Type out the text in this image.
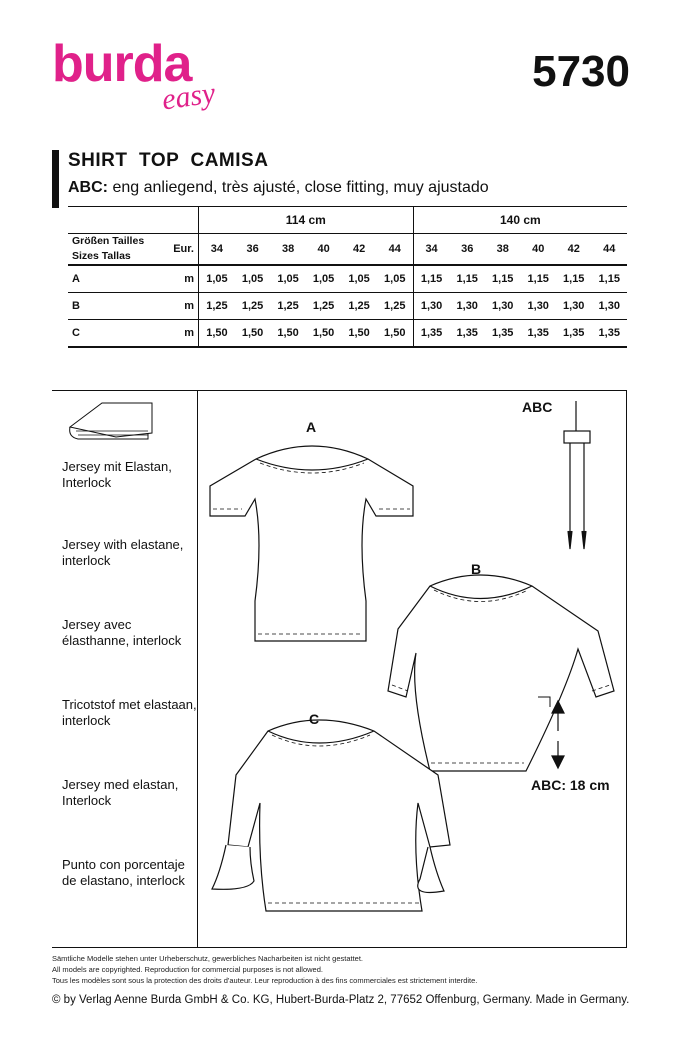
burda
easy
5730
SHIRT  TOP  CAMISA
ABC: eng anliegend, très ajusté, close fitting, muy ajustado
		114 cm						140 cm					

Größen Tailles
Sizes Tallas	Eur.	34	36	38	40	42	44	34	36	38	40	42	44
A	m	1,05	1,05	1,05	1,05	1,05	1,05	1,15	1,15	1,15	1,15	1,15	1,15
B	m	1,25	1,25	1,25	1,25	1,25	1,25	1,30	1,30	1,30	1,30	1,30	1,30
C	m	1,50	1,50	1,50	1,50	1,50	1,50	1,35	1,35	1,35	1,35	1,35	1,35
Jersey mit Elastan, Interlock
Jersey with elastane, interlock
Jersey avec élasthanne, interlock
Tricotstof met elastaan, interlock
Jersey med elastan, Interlock
Punto con porcentaje de elastano, interlock
ABC
A
B
C
ABC: 18 cm
Sämtliche Modelle stehen unter Urheberschutz, gewerbliches Nacharbeiten ist nicht gestattet.
All models are copyrighted. Reproduction for commercial purposes is not allowed.
Tous les modèles sont sous la protection des droits d'auteur. Leur reproduction à des fins commerciales est strictement interdite.
© by Verlag Aenne Burda GmbH & Co. KG, Hubert-Burda-Platz 2, 77652 Offenburg, Germany. Made in Germany.
